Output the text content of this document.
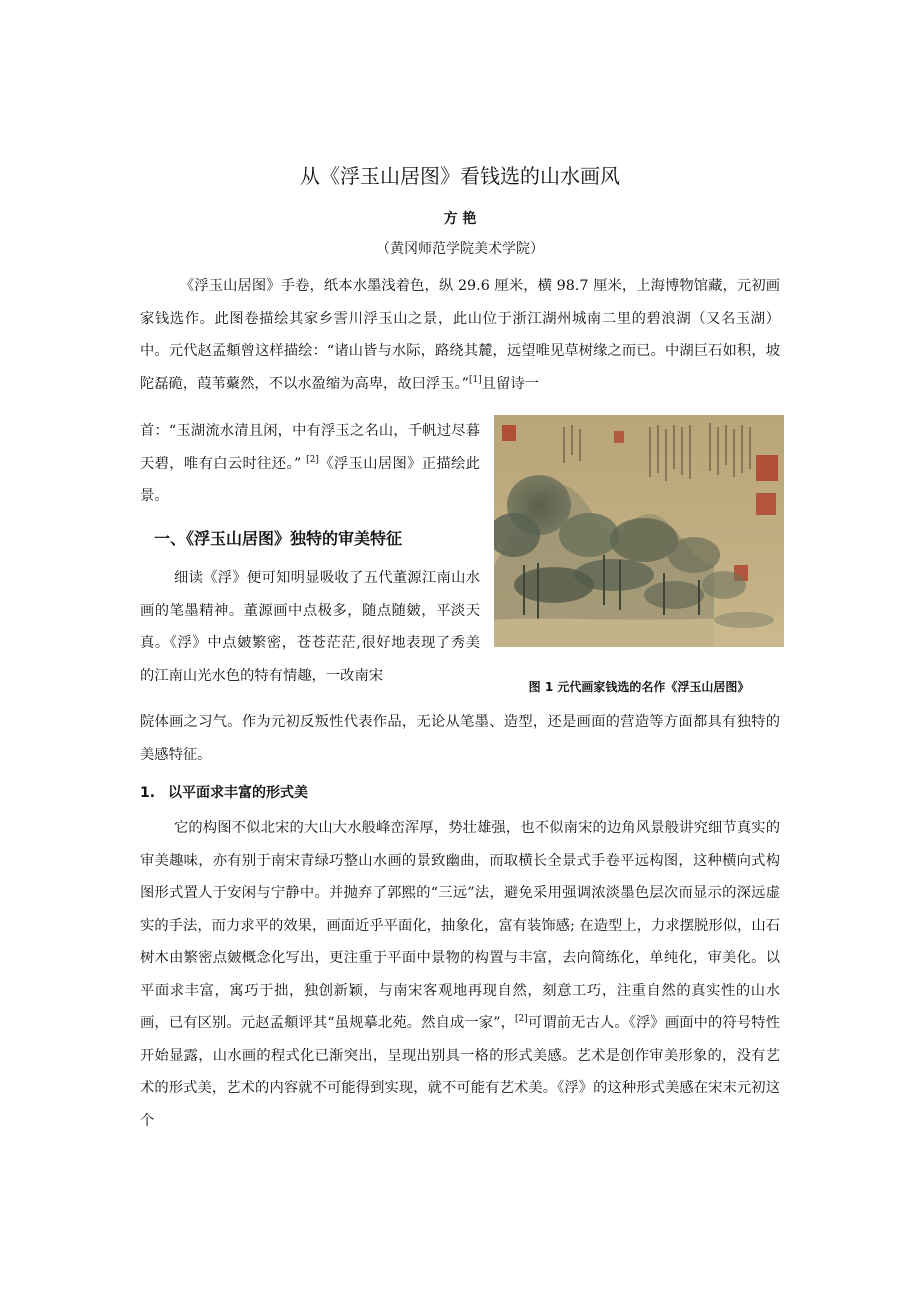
从《浮玉山居图》看钱选的山水画风
方 艳
（黄冈师范学院美术学院）

《浮玉山居图》手卷，纸本水墨浅着色，纵 29.6 厘米，横 98.7 厘米，上海博物馆藏，元初画家钱选作。此图卷描绘其家乡霅川浮玉山之景，此山位于浙江湖州城南二里的碧浪湖（又名玉湖）中。元代赵孟頫曾这样描绘：“诸山皆与水际，路绕其麓，远望唯见草树缘之而已。中湖巨石如积，坡陀磊硊，葭苇藂然，不以水盈缩为高卑，故曰浮玉。”[1]且留诗一

首：“玉湖流水清且闲，中有浮玉之名山，千帆过尽暮天碧，唯有白云时往还。” [2]《浮玉山居图》正描绘此景。

一、《浮玉山居图》独特的审美特征

细读《浮》便可知明显吸收了五代董源江南山水画的笔墨精神。董源画中点极多，随点随皴，平淡天真。《浮》中点皴繁密，苍苍茫茫,很好地表现了秀美的江南山光水色的特有情趣，一改南宋

图 1 元代画家钱选的名作《浮玉山居图》

院体画之习气。作为元初反叛性代表作品，无论从笔墨、造型，还是画面的营造等方面都具有独特的美感特征。

1. 以平面求丰富的形式美

它的构图不似北宋的大山大水般峰峦浑厚，势壮雄强，也不似南宋的边角风景般讲究细节真实的审美趣味，亦有别于南宋青绿巧整山水画的景致幽曲，而取横长全景式手卷平远构图，这种横向式构图形式置人于安闲与宁静中。并抛弃了郭熙的“三远”法，避免采用强调浓淡墨色层次而显示的深远虚实的手法，而力求平的效果，画面近乎平面化，抽象化，富有装饰感; 在造型上，力求摆脱形似，山石树木由繁密点皴概念化写出，更注重于平面中景物的构置与丰富，去向简练化，单纯化，审美化。以平面求丰富，寓巧于拙，独创新颖，与南宋客观地再现自然，刻意工巧，注重自然的真实性的山水画，已有区别。元赵孟頫评其“虽规摹北苑。然自成一家”，[2]可谓前无古人。《浮》画面中的符号特性开始显露，山水画的程式化已渐突出，呈现出别具一格的形式美感。艺术是创作审美形象的，没有艺术的形式美，艺术的内容就不可能得到实现，就不可能有艺术美。《浮》的这种形式美感在宋末元初这个
